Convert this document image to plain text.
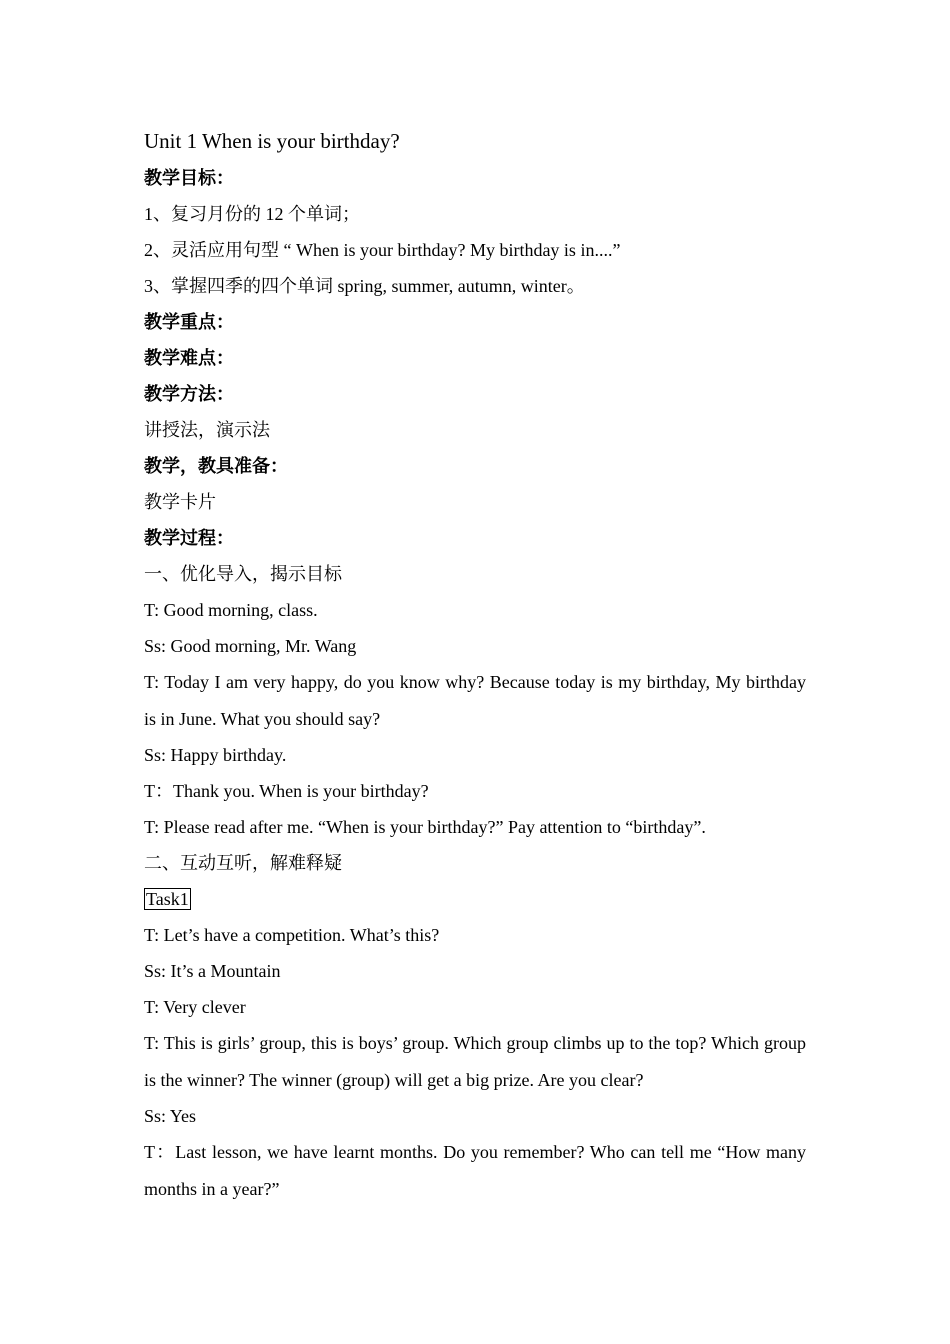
Unit 1 When is your birthday?
教学目标：
1、复习月份的 12 个单词；
2、灵活应用句型 “ When is your birthday? My birthday is in....”
3、掌握四季的四个单词 spring, summer, autumn, winter。
教学重点：
教学难点：
教学方法：
讲授法，演示法
教学，教具准备：
教学卡片
教学过程：
一、优化导入，揭示目标
T: Good morning, class.
Ss: Good morning, Mr. Wang
T: Today I am very happy, do you know why? Because today is my birthday, My birthday is in June. What you should say?
Ss: Happy birthday.
T：Thank you. When is your birthday?
T: Please read after me. “When is your birthday?” Pay attention to “birthday”.
二、互动互听，解难释疑
Task1
T: Let’s have a competition. What’s this?
Ss: It’s a Mountain
T: Very clever
T: This is girls’ group, this is boys’ group. Which group climbs up to the top? Which group is the winner? The winner (group) will get a big prize. Are you clear?
Ss: Yes
T：Last lesson, we have learnt months. Do you remember? Who can tell me “How many months in a year?”
